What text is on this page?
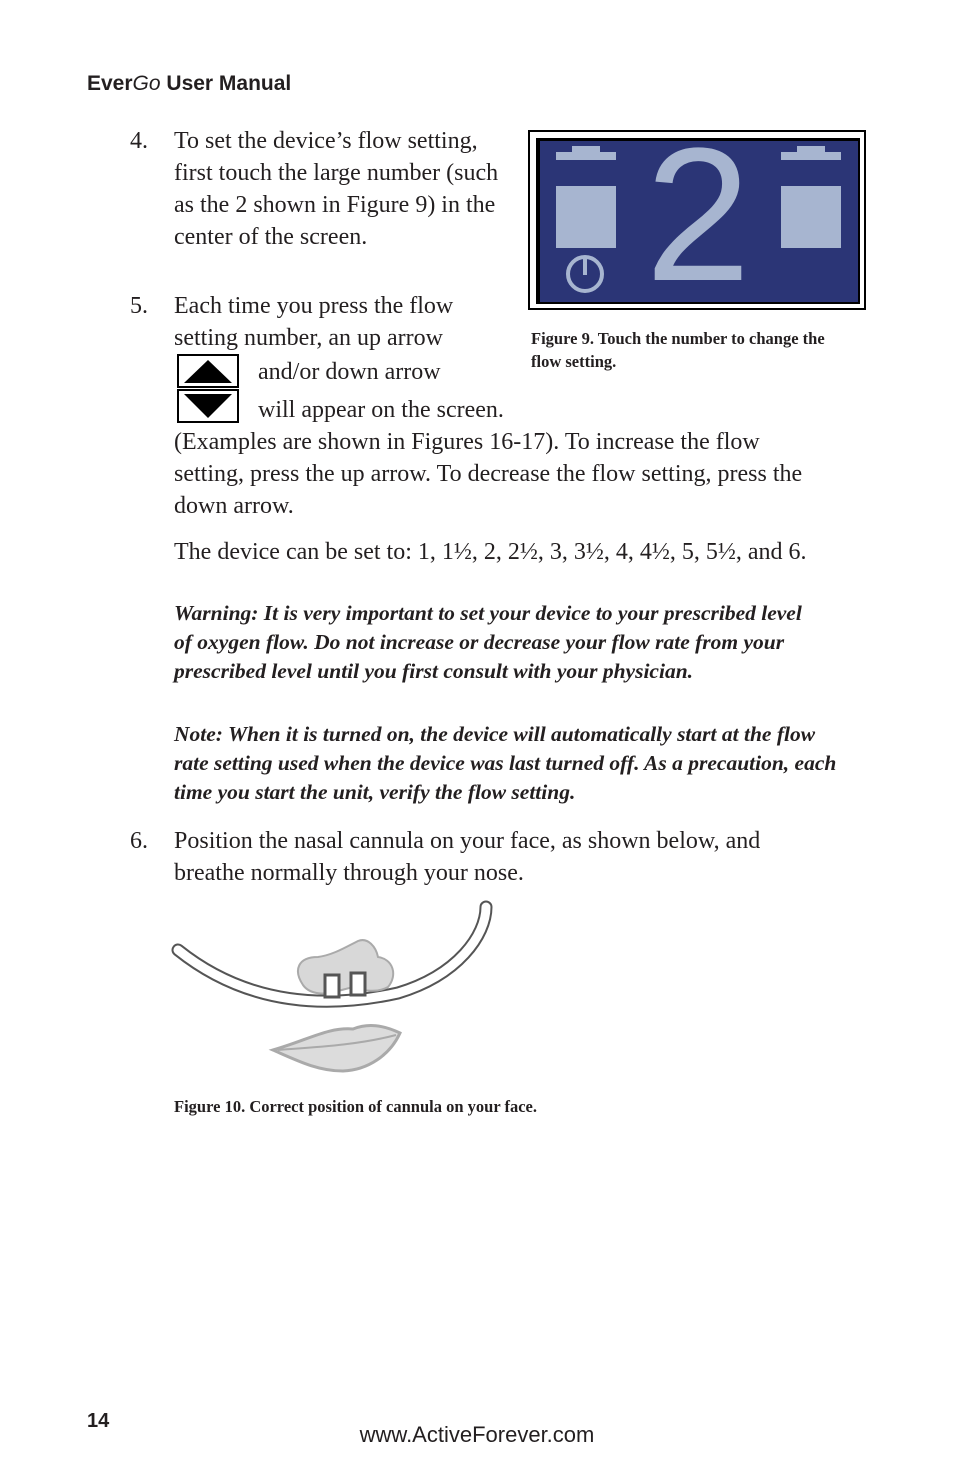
EverGo User Manual
4. To set the device’s flow setting,
first touch the large number (such
as the 2 shown in Figure 9) in the
center of the screen.	2
Figure 9. Touch the number to change the
flow setting.
5. Each time you press the flow
setting number, an up arrow
and/or down arrow
will appear on the screen.
(Examples are shown in Figures 16-17). To increase the flow
setting, press the up arrow. To decrease the flow setting, press the
down arrow.
The device can be set to: 1, 1½, 2, 2½, 3, 3½, 4, 4½, 5, 5½, and 6.
Warning: It is very important to set your device to your prescribed level
of oxygen flow. Do not increase or decrease your flow rate from your
prescribed level until you first consult with your physician.
Note: When it is turned on, the device will automatically start at the flow
rate setting used when the device was last turned off. As a precaution, each
time you start the unit, verify the flow setting.
6. Position the nasal cannula on your face, as shown below, and
breathe normally through your nose.
Figure 10. Correct position of cannula on your face.
14
www.ActiveForever.com
